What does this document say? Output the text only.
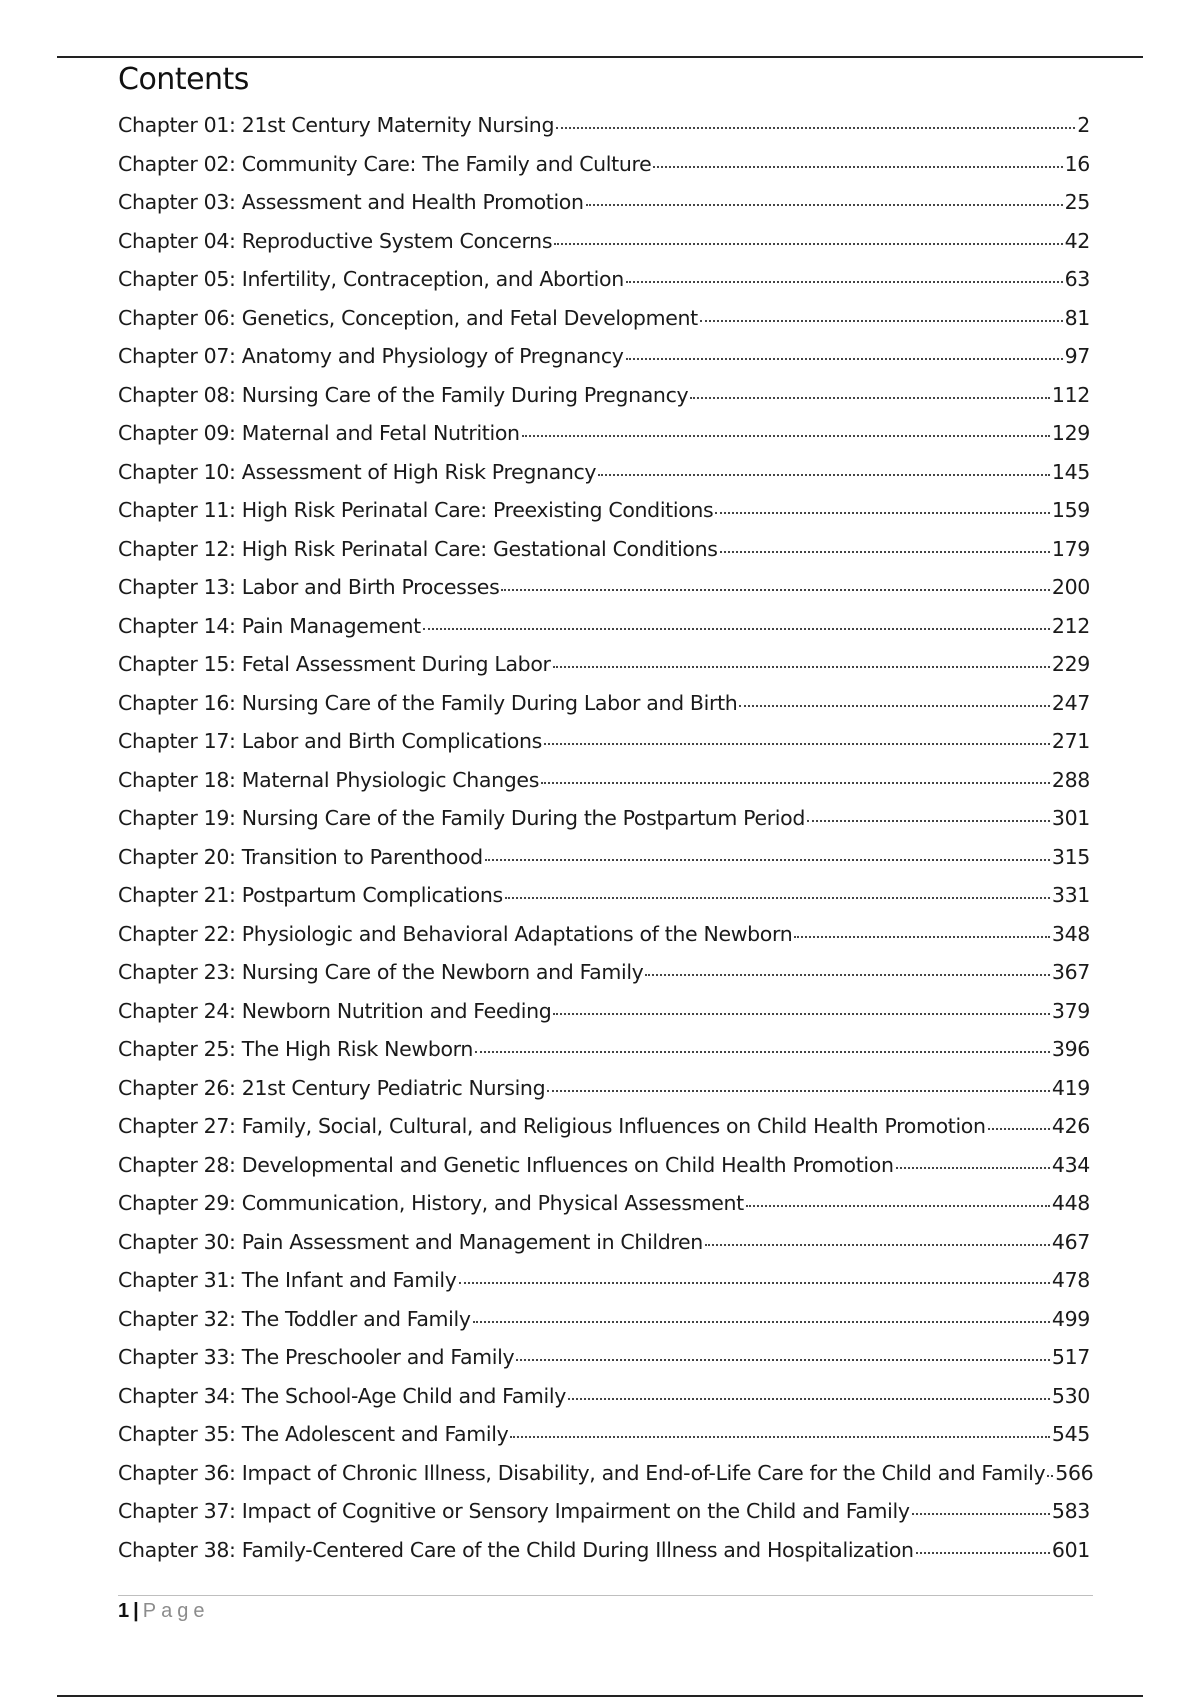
Contents
Chapter 01: 21st Century Maternity Nursing	2
Chapter 02: Community Care: The Family and Culture	16
Chapter 03: Assessment and Health Promotion	25
Chapter 04: Reproductive System Concerns	42
Chapter 05: Infertility, Contraception, and Abortion	63
Chapter 06: Genetics, Conception, and Fetal Development	81
Chapter 07: Anatomy and Physiology of Pregnancy	97
Chapter 08: Nursing Care of the Family During Pregnancy	112
Chapter 09: Maternal and Fetal Nutrition	129
Chapter 10: Assessment of High Risk Pregnancy	145
Chapter 11: High Risk Perinatal Care: Preexisting Conditions	159
Chapter 12: High Risk Perinatal Care: Gestational Conditions	179
Chapter 13: Labor and Birth Processes	200
Chapter 14: Pain Management	212
Chapter 15: Fetal Assessment During Labor	229
Chapter 16: Nursing Care of the Family During Labor and Birth	247
Chapter 17: Labor and Birth Complications	271
Chapter 18: Maternal Physiologic Changes	288
Chapter 19: Nursing Care of the Family During the Postpartum Period	301
Chapter 20: Transition to Parenthood	315
Chapter 21: Postpartum Complications	331
Chapter 22: Physiologic and Behavioral Adaptations of the Newborn	348
Chapter 23: Nursing Care of the Newborn and Family	367
Chapter 24: Newborn Nutrition and Feeding	379
Chapter 25: The High Risk Newborn	396
Chapter 26: 21st Century Pediatric Nursing	419
Chapter 27: Family, Social, Cultural, and Religious Influences on Child Health Promotion	426
Chapter 28: Developmental and Genetic Influences on Child Health Promotion	434
Chapter 29: Communication, History, and Physical Assessment	448
Chapter 30: Pain Assessment and Management in Children	467
Chapter 31: The Infant and Family	478
Chapter 32: The Toddler and Family	499
Chapter 33: The Preschooler and Family	517
Chapter 34: The School-Age Child and Family	530
Chapter 35: The Adolescent and Family	545
Chapter 36: Impact of Chronic Illness, Disability, and End-of-Life Care for the Child and Family 566
Chapter 37: Impact of Cognitive or Sensory Impairment on the Child and Family	583
Chapter 38: Family-Centered Care of the Child During Illness and Hospitalization	601
1 | Page
